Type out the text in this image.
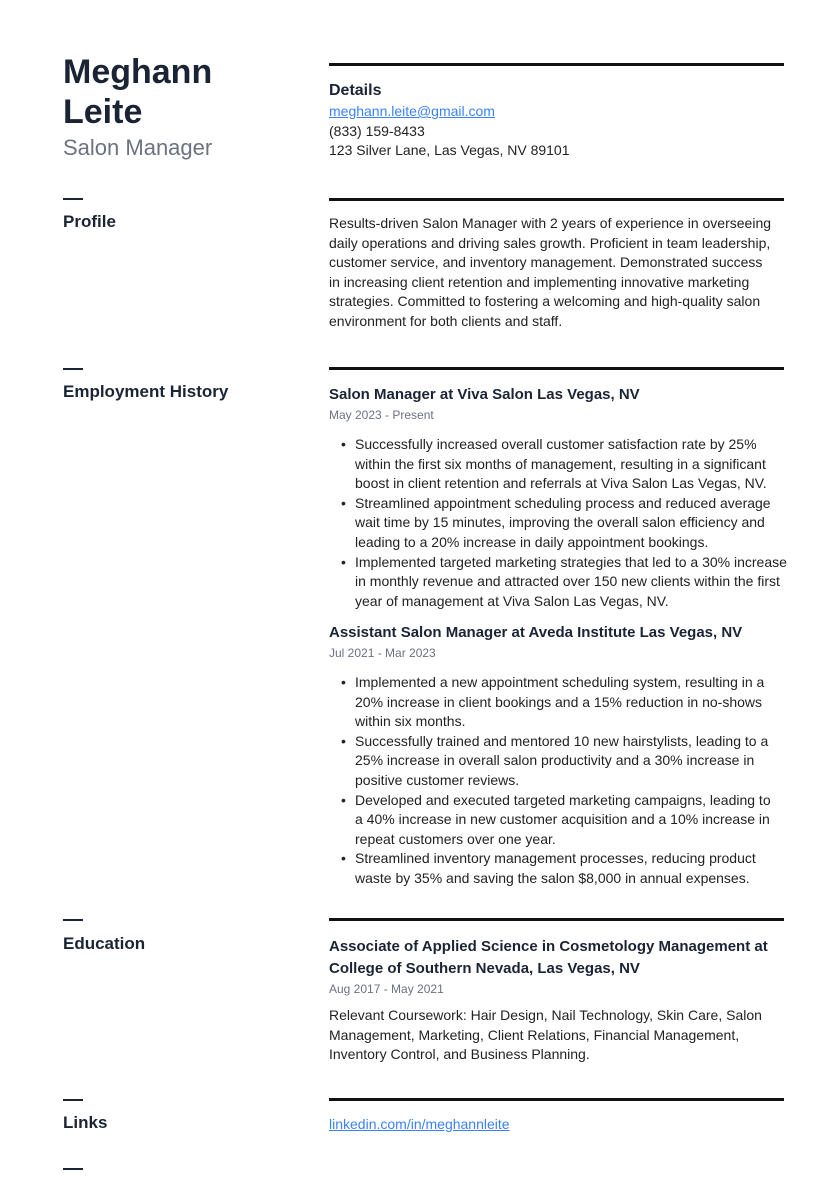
Meghann
Leite
Salon Manager
Details
meghann.leite@gmail.com
(833) 159-8433
123 Silver Lane, Las Vegas, NV 89101
Profile	Results-driven Salon Manager with 2 years of experience in overseeing
daily operations and driving sales growth. Proficient in team leadership,
customer service, and inventory management. Demonstrated success
in increasing client retention and implementing innovative marketing
strategies. Committed to fostering a welcoming and high-quality salon
environment for both clients and staff.
Employment History	Salon Manager at Viva Salon Las Vegas, NV
May 2023 - Present
• Successfully increased overall customer satisfaction rate by 25%
within the first six months of management, resulting in a significant
boost in client retention and referrals at Viva Salon Las Vegas, NV.
• Streamlined appointment scheduling process and reduced average
wait time by 15 minutes, improving the overall salon efficiency and
leading to a 20% increase in daily appointment bookings.
• Implemented targeted marketing strategies that led to a 30% increase
in monthly revenue and attracted over 150 new clients within the first
year of management at Viva Salon Las Vegas, NV.
Assistant Salon Manager at Aveda Institute Las Vegas, NV
Jul 2021 - Mar 2023
• Implemented a new appointment scheduling system, resulting in a
20% increase in client bookings and a 15% reduction in no-shows
within six months.
• Successfully trained and mentored 10 new hairstylists, leading to a
25% increase in overall salon productivity and a 30% increase in
positive customer reviews.
• Developed and executed targeted marketing campaigns, leading to
a 40% increase in new customer acquisition and a 10% increase in
repeat customers over one year.
• Streamlined inventory management processes, reducing product
waste by 35% and saving the salon $8,000 in annual expenses.
Education	Associate of Applied Science in Cosmetology Management at
College of Southern Nevada, Las Vegas, NV
Aug 2017 - May 2021
Relevant Coursework: Hair Design, Nail Technology, Skin Care, Salon
Management, Marketing, Client Relations, Financial Management,
Inventory Control, and Business Planning.
Links	linkedin.com/in/meghannleite
